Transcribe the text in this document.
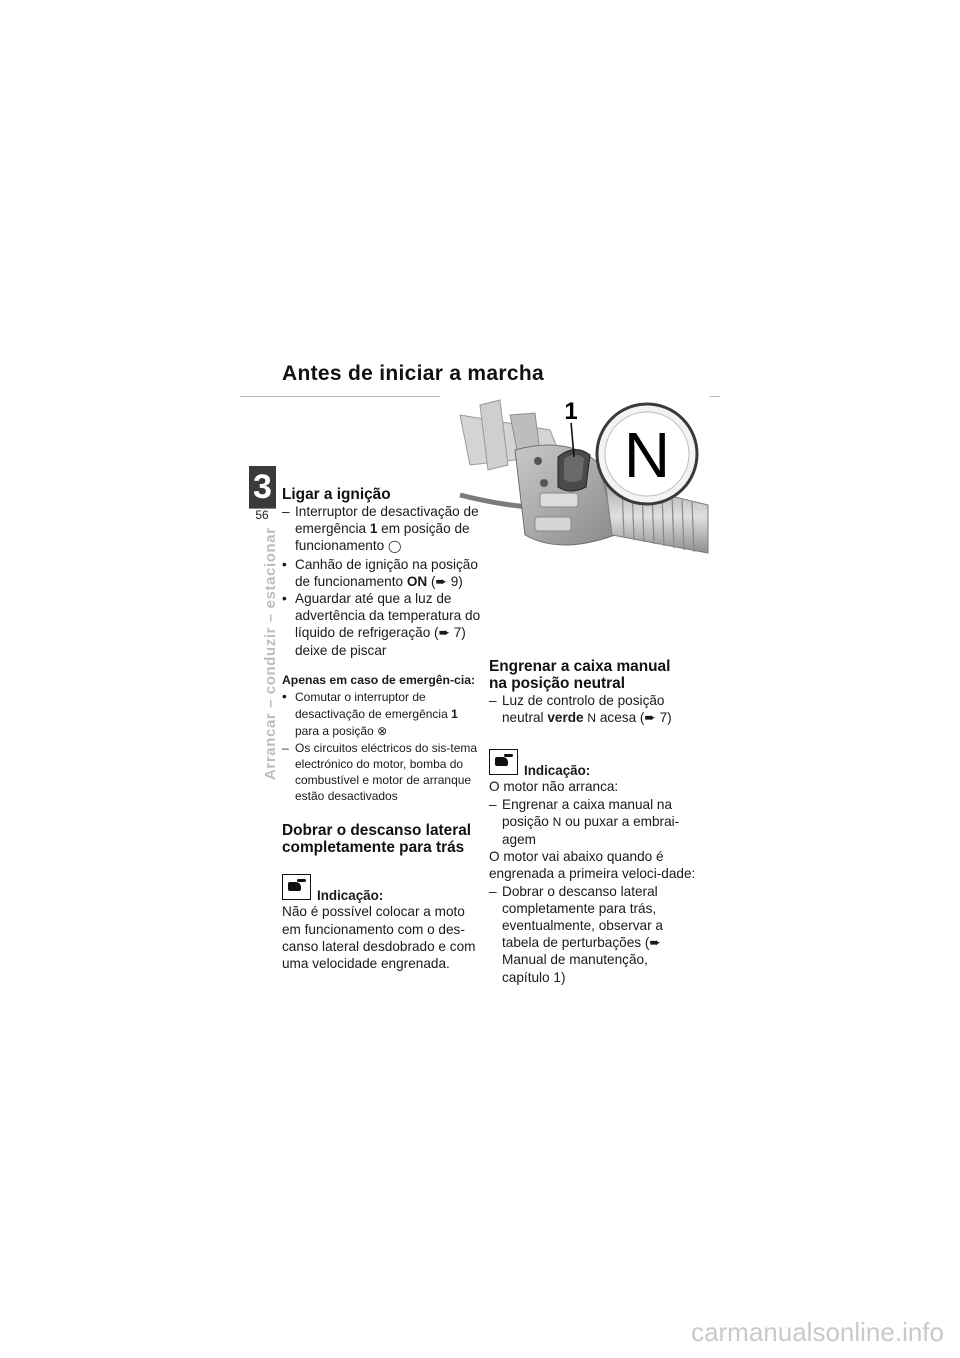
Antes de iniciar a marcha
3
56
Arrancar – conduzir – estacionar
1
N
Ligar a ignição
– Interruptor de desactivação de emergência 1 em posição de funcionamento ◯
• Canhão de ignição na posição de funcionamento ON (➨ 9)
• Aguardar até que a luz de advertência da temperatura do líquido de refrigeração (➨ 7) deixe de piscar
Apenas em caso de emergên-cia:
• Comutar o interruptor de desactivação de emergência 1 para a posição ⊗
– Os circuitos eléctricos do sis-tema electrónico do motor, bomba do combustível e motor de arranque estão desactivados
Dobrar o descanso lateral
completamente para trás
Indicação:

Não é possível colocar a moto em funcionamento com o des-canso lateral desdobrado e com uma velocidade engrenada.

Engrenar a caixa manual
na posição neutral
– Luz de controlo de posição neutral verde N acesa (➨ 7)
Indicação:

O motor não arranca:

– Engrenar a caixa manual na posição N ou puxar a embrai-agem

O motor vai abaixo quando é engrenada a primeira veloci-dade:

– Dobrar o descanso lateral completamente para trás, eventualmente, observar a tabela de perturbações (➨ Manual de manutenção, capítulo 1)
carmanualsonline.info
